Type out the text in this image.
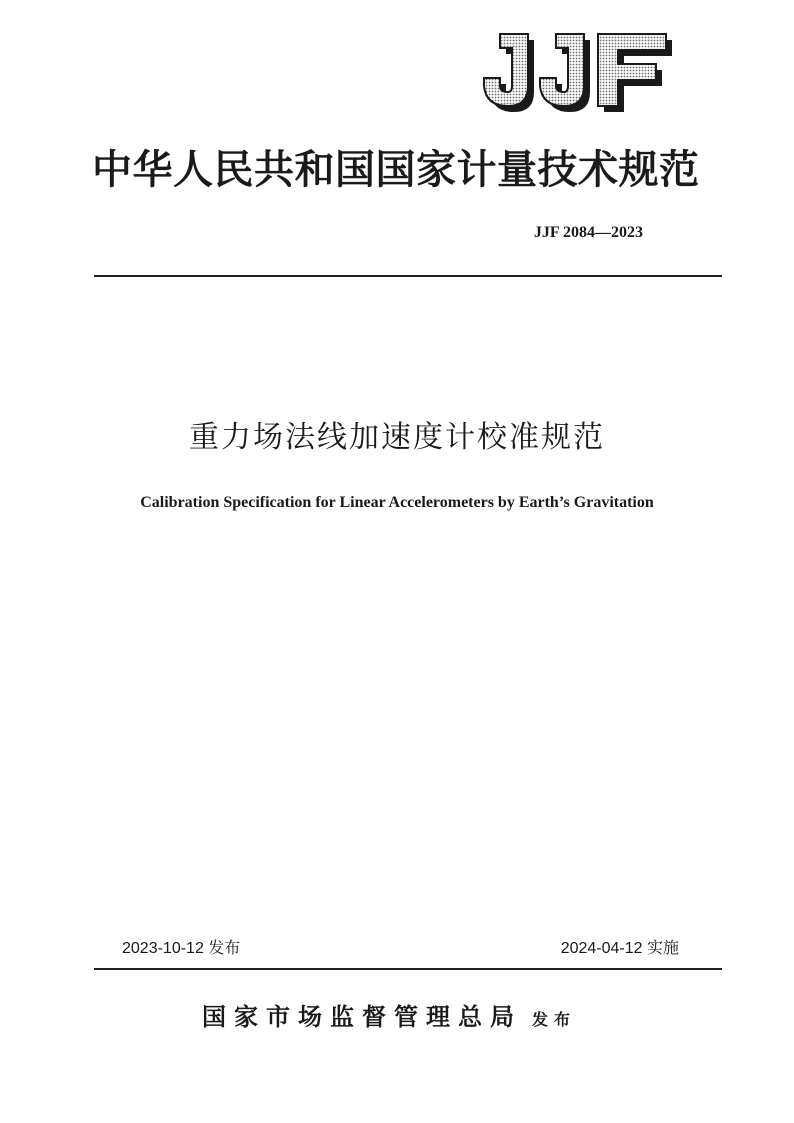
中华人民共和国国家计量技术规范
JJF 2084—2023
重力场法线加速度计校准规范
Calibration Specification for Linear Accelerometers by Earth’s Gravitation
2023-10-12 发布	2024-04-12 实施
国家市场监督管理总局 发布
